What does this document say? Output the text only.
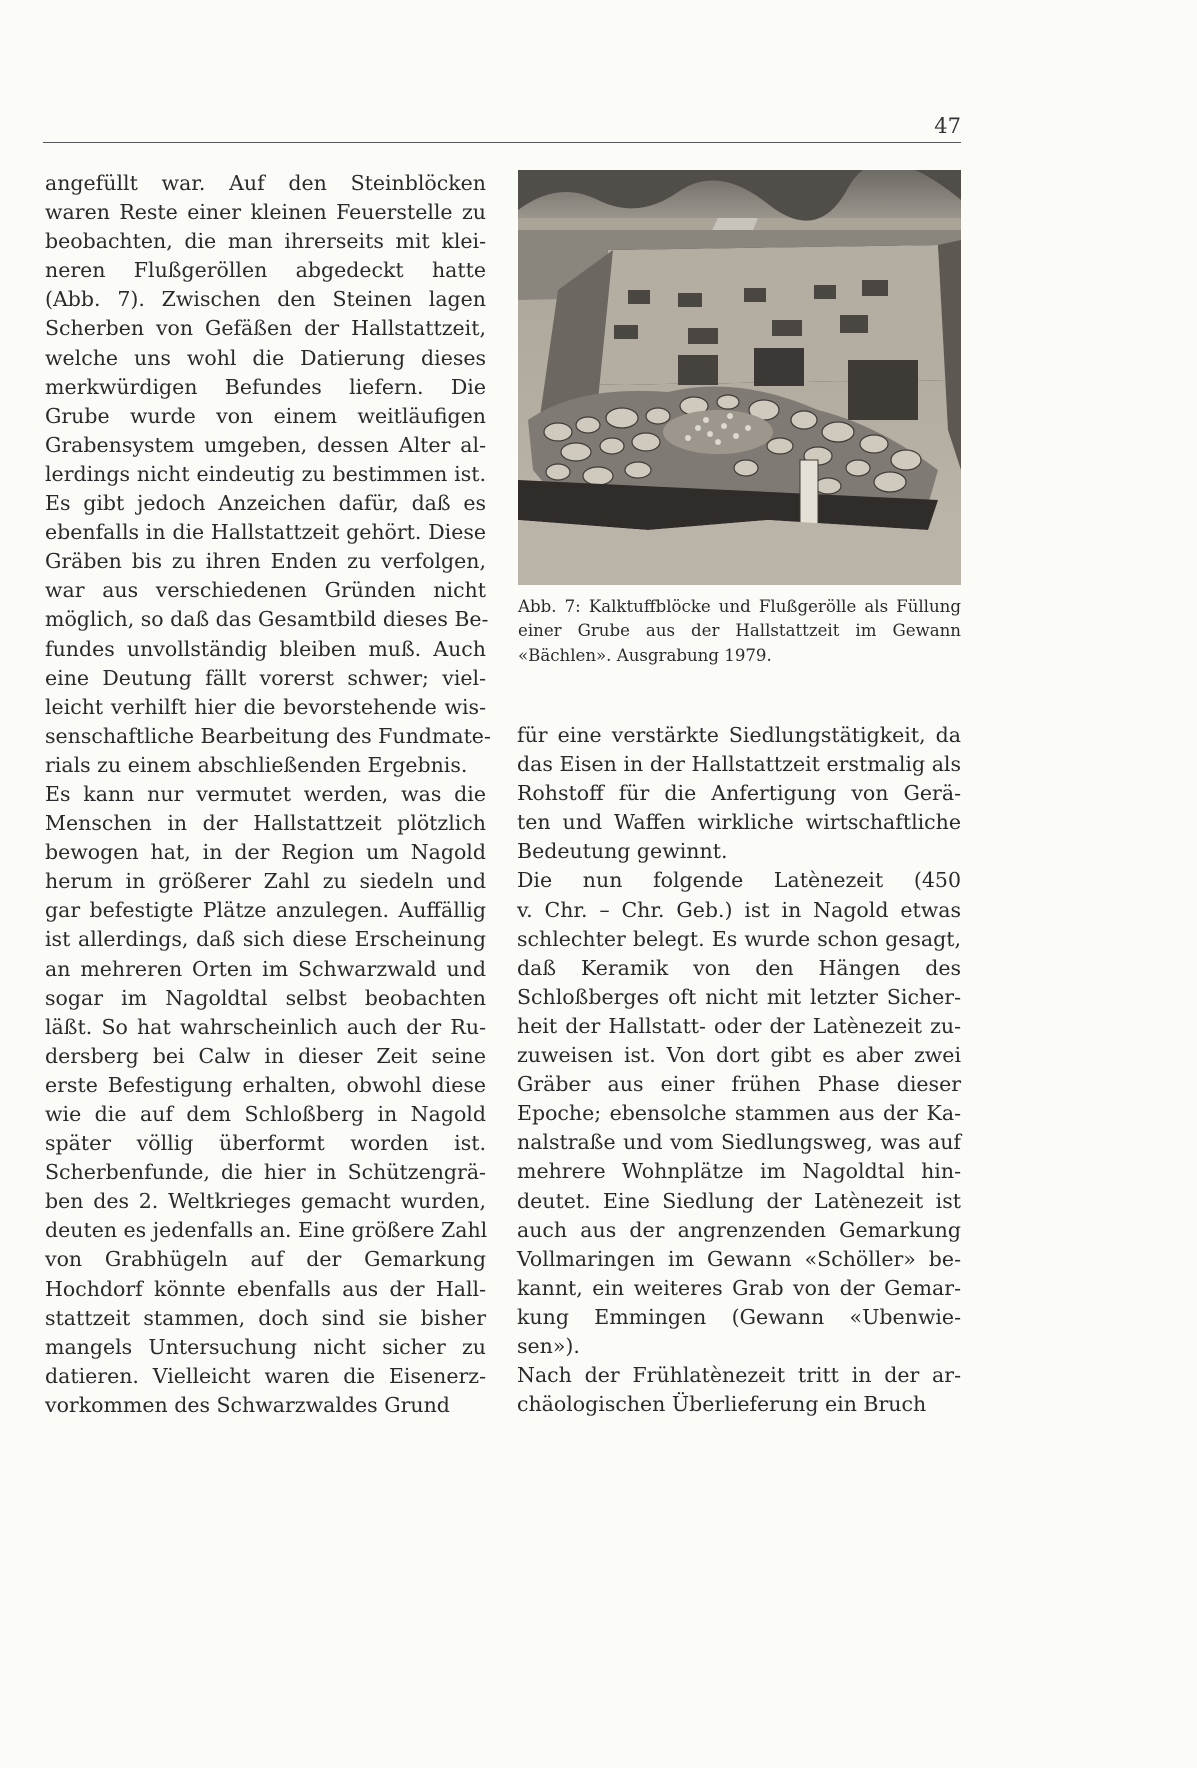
47
angefüllt war. Auf den Steinblöcken
waren Reste einer kleinen Feuerstelle zu
beobachten, die man ihrerseits mit klei-
neren Flußgeröllen abgedeckt hatte
(Abb. 7). Zwischen den Steinen lagen
Scherben von Gefäßen der Hallstattzeit,
welche uns wohl die Datierung dieses
merkwürdigen Befundes liefern. Die
Grube wurde von einem weitläufigen
Grabensystem umgeben, dessen Alter al-
lerdings nicht eindeutig zu bestimmen ist.
Es gibt jedoch Anzeichen dafür, daß es
ebenfalls in die Hallstattzeit gehört. Diese
Gräben bis zu ihren Enden zu verfolgen,
war aus verschiedenen Gründen nicht
möglich, so daß das Gesamtbild dieses Be-
fundes unvollständig bleiben muß. Auch
eine Deutung fällt vorerst schwer; viel-
leicht verhilft hier die bevorstehende wis-
senschaftliche Bearbeitung des Fundmate-
rials zu einem abschließenden Ergebnis.
Es kann nur vermutet werden, was die
Menschen in der Hallstattzeit plötzlich
bewogen hat, in der Region um Nagold
herum in größerer Zahl zu siedeln und
gar befestigte Plätze anzulegen. Auffällig
ist allerdings, daß sich diese Erscheinung
an mehreren Orten im Schwarzwald und
sogar im Nagoldtal selbst beobachten
läßt. So hat wahrscheinlich auch der Ru-
dersberg bei Calw in dieser Zeit seine
erste Befestigung erhalten, obwohl diese
wie die auf dem Schloßberg in Nagold
später völlig überformt worden ist.
Scherbenfunde, die hier in Schützengrä-
ben des 2. Weltkrieges gemacht wurden,
deuten es jedenfalls an. Eine größere Zahl
von Grabhügeln auf der Gemarkung
Hochdorf könnte ebenfalls aus der Hall-
stattzeit stammen, doch sind sie bisher
mangels Untersuchung nicht sicher zu
datieren. Vielleicht waren die Eisenerz-
vorkommen des Schwarzwaldes Grund
Abb. 7: Kalktuffblöcke und Flußgerölle als Füllung
einer Grube aus der Hallstattzeit im Gewann
«Bächlen». Ausgrabung 1979.
für eine verstärkte Siedlungstätigkeit, da
das Eisen in der Hallstattzeit erstmalig als
Rohstoff für die Anfertigung von Gerä-
ten und Waffen wirkliche wirtschaftliche
Bedeutung gewinnt.
Die nun folgende Latènezeit (450
v. Chr. – Chr. Geb.) ist in Nagold etwas
schlechter belegt. Es wurde schon gesagt,
daß Keramik von den Hängen des
Schloßberges oft nicht mit letzter Sicher-
heit der Hallstatt- oder der Latènezeit zu-
zuweisen ist. Von dort gibt es aber zwei
Gräber aus einer frühen Phase dieser
Epoche; ebensolche stammen aus der Ka-
nalstraße und vom Siedlungsweg, was auf
mehrere Wohnplätze im Nagoldtal hin-
deutet. Eine Siedlung der Latènezeit ist
auch aus der angrenzenden Gemarkung
Vollmaringen im Gewann «Schöller» be-
kannt, ein weiteres Grab von der Gemar-
kung Emmingen (Gewann «Ubenwie-
sen»).
Nach der Frühlatènezeit tritt in der ar-
chäologischen Überlieferung ein Bruch
